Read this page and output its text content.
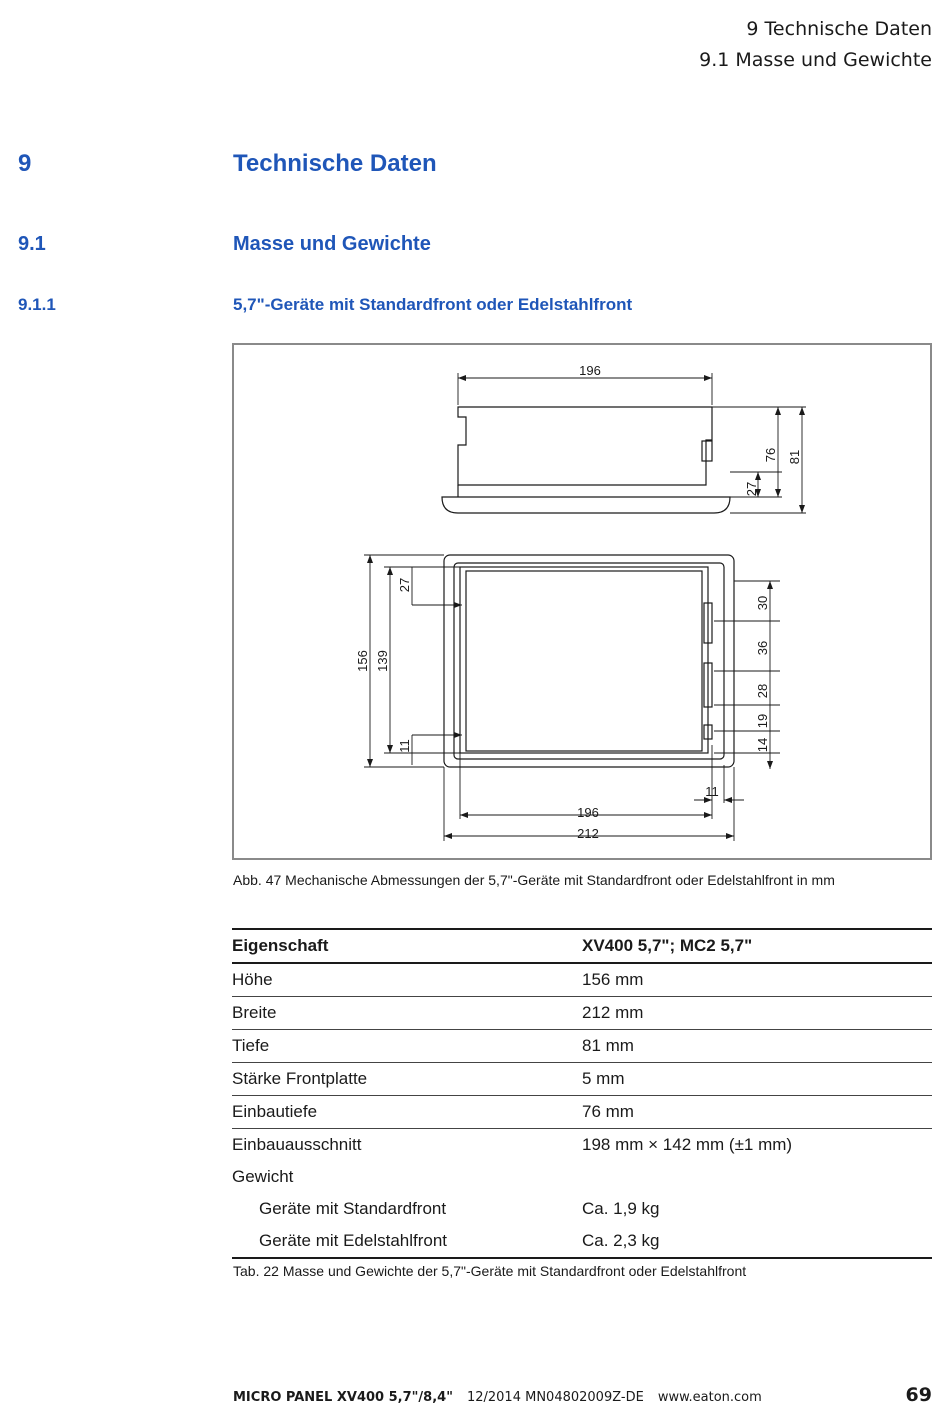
9 Technische Daten
9.1 Masse und Gewichte
9	Technische Daten
9.1	Masse und Gewichte
9.1.1	5,7"-Geräte mit Standardfront oder Edelstahlfront
196
27
76 81
156 139
27
11
30
36
28
19
14
11
196
212
Abb. 47 Mechanische Abmessungen der 5,7"-Geräte mit Standardfront oder Edelstahlfront in mm
Eigenschaft	XV400 5,7"; MC2 5,7"
Höhe	156 mm
Breite	212 mm
Tiefe	81 mm
Stärke Frontplatte	5 mm
Einbautiefe	76 mm
Einbauausschnitt	198 mm × 142 mm (±1 mm)
Gewicht	
Geräte mit Standardfront	Ca. 1,9 kg
Geräte mit Edelstahlfront	Ca. 2,3 kg
Tab. 22 Masse und Gewichte der 5,7"-Geräte mit Standardfront oder Edelstahlfront
MICRO PANEL XV400 5,7"/8,4" 12/2014 MN04802009Z-DE www.eaton.com	69
